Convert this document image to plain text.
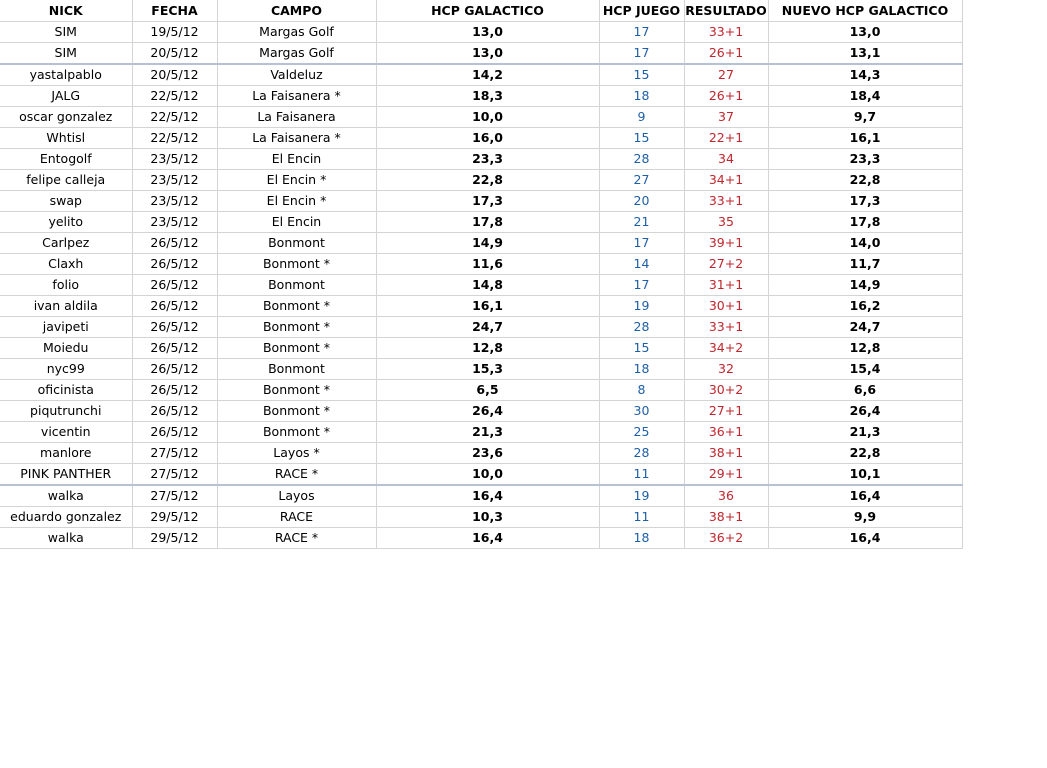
NICK	FECHA	CAMPO	HCP GALACTICO	HCP JUEGO	RESULTADO	NUEVO HCP GALACTICO
SIM	19/5/12	Margas Golf	13,0	17	33+1	13,0
SIM	20/5/12	Margas Golf	13,0	17	26+1	13,1
yastalpablo	20/5/12	Valdeluz	14,2	15	27	14,3
JALG	22/5/12	La Faisanera *	18,3	18	26+1	18,4
oscar gonzalez	22/5/12	La Faisanera	10,0	9	37	9,7
Whtisl	22/5/12	La Faisanera *	16,0	15	22+1	16,1
Entogolf	23/5/12	El Encin	23,3	28	34	23,3
felipe calleja	23/5/12	El Encin *	22,8	27	34+1	22,8
swap	23/5/12	El Encin *	17,3	20	33+1	17,3
yelito	23/5/12	El Encin	17,8	21	35	17,8
Carlpez	26/5/12	Bonmont	14,9	17	39+1	14,0
Claxh	26/5/12	Bonmont *	11,6	14	27+2	11,7
folio	26/5/12	Bonmont	14,8	17	31+1	14,9
ivan aldila	26/5/12	Bonmont *	16,1	19	30+1	16,2
javipeti	26/5/12	Bonmont *	24,7	28	33+1	24,7
Moiedu	26/5/12	Bonmont *	12,8	15	34+2	12,8
nyc99	26/5/12	Bonmont	15,3	18	32	15,4
oficinista	26/5/12	Bonmont *	6,5	8	30+2	6,6
piqutrunchi	26/5/12	Bonmont *	26,4	30	27+1	26,4
vicentin	26/5/12	Bonmont *	21,3	25	36+1	21,3
manlore	27/5/12	Layos *	23,6	28	38+1	22,8
PINK PANTHER	27/5/12	RACE *	10,0	11	29+1	10,1
walka	27/5/12	Layos	16,4	19	36	16,4
eduardo gonzalez	29/5/12	RACE	10,3	11	38+1	9,9
walka	29/5/12	RACE *	16,4	18	36+2	16,4
